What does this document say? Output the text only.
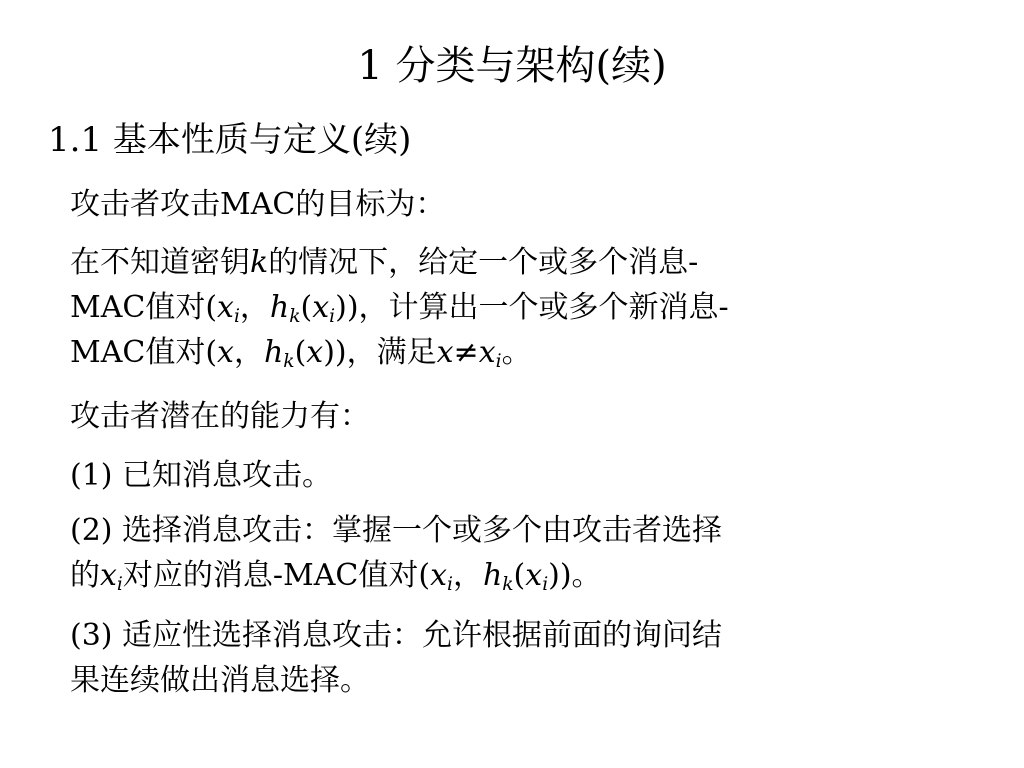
1 分类与架构(续)
1.1 基本性质与定义(续)
攻击者攻击MAC的目标为：
在不知道密钥k的情况下，给定一个或多个消息-
MAC值对($x_i$，$h_k(x_i)$)，计算出一个或多个新消息-
MAC值对(x，$h_k(x)$)，满足$x\ne x_i$。
攻击者潜在的能力有：
(1) 已知消息攻击。
(2) 选择消息攻击：掌握一个或多个由攻击者选择
的$x_i$对应的消息-MAC值对($x_i$，$h_k(x_i)$)。
(3) 适应性选择消息攻击：允许根据前面的询问结
果连续做出消息选择。
